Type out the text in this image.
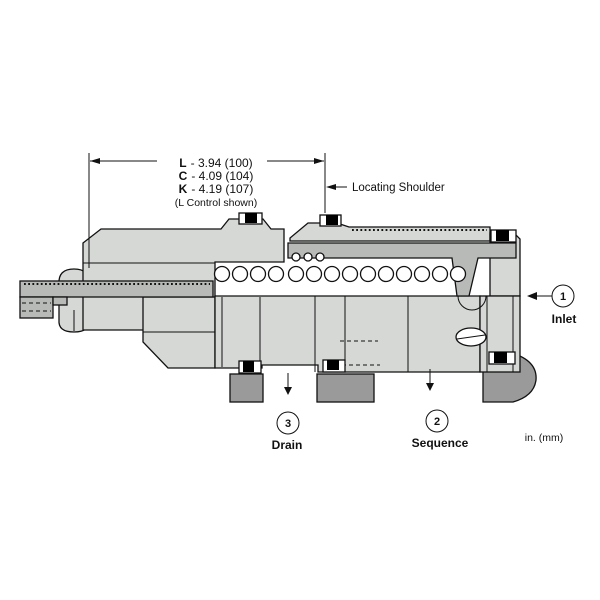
L - 3.94 (100)
C - 4.09 (104)
K - 4.19 (107)
(L Control shown)
Locating Shoulder
1
Inlet
2
Sequence
3
Drain	in. (mm)
